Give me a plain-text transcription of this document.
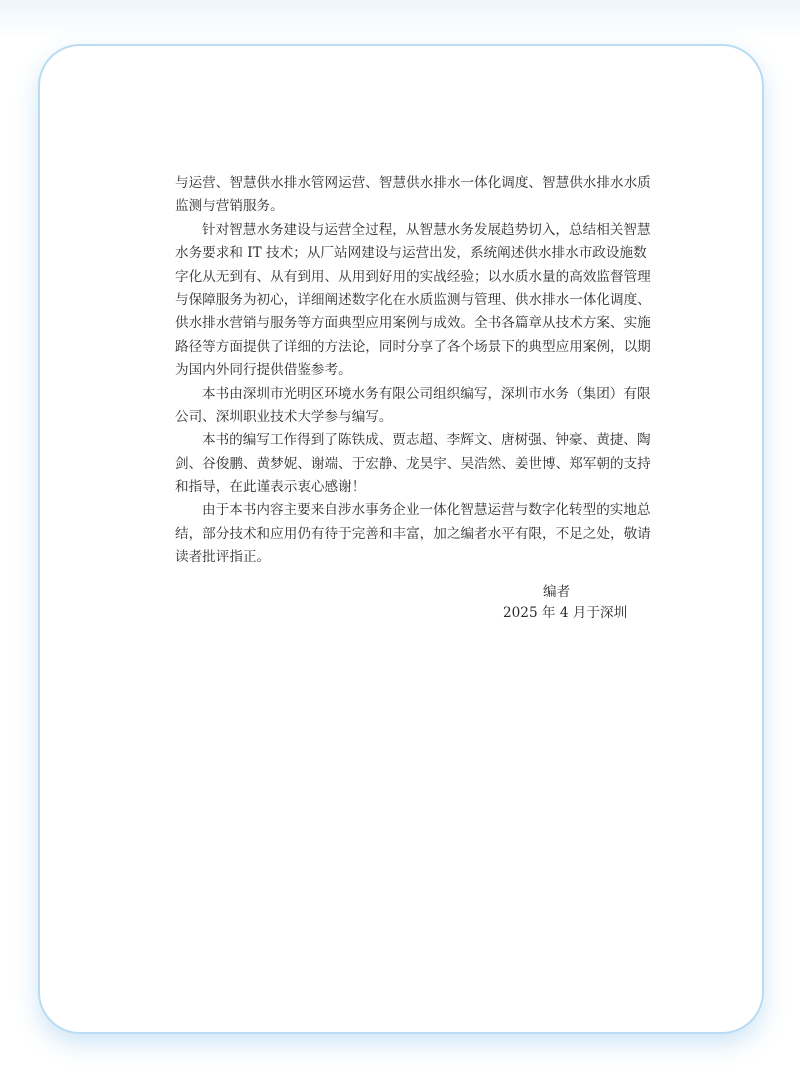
与运营、智慧供水排水管网运营、智慧供水排水一体化调度、智慧供水排水水质
监测与营销服务。
针对智慧水务建设与运营全过程，从智慧水务发展趋势切入，总结相关智慧
水务要求和 IT 技术；从厂站网建设与运营出发，系统阐述供水排水市政设施数
字化从无到有、从有到用、从用到好用的实战经验；以水质水量的高效监督管理
与保障服务为初心，详细阐述数字化在水质监测与管理、供水排水一体化调度、
供水排水营销与服务等方面典型应用案例与成效。全书各篇章从技术方案、实施
路径等方面提供了详细的方法论，同时分享了各个场景下的典型应用案例，以期
为国内外同行提供借鉴参考。
本书由深圳市光明区环境水务有限公司组织编写，深圳市水务（集团）有限
公司、深圳职业技术大学参与编写。
本书的编写工作得到了陈铁成、贾志超、李辉文、唐树强、钟豪、黄捷、陶
剑、谷俊鹏、黄梦妮、谢端、于宏静、龙昊宇、吴浩然、姜世博、郑军朝的支持
和指导，在此谨表示衷心感谢！
由于本书内容主要来自涉水事务企业一体化智慧运营与数字化转型的实地总
结，部分技术和应用仍有待于完善和丰富，加之编者水平有限，不足之处，敬请
读者批评指正。
编者
2025 年 4 月于深圳
